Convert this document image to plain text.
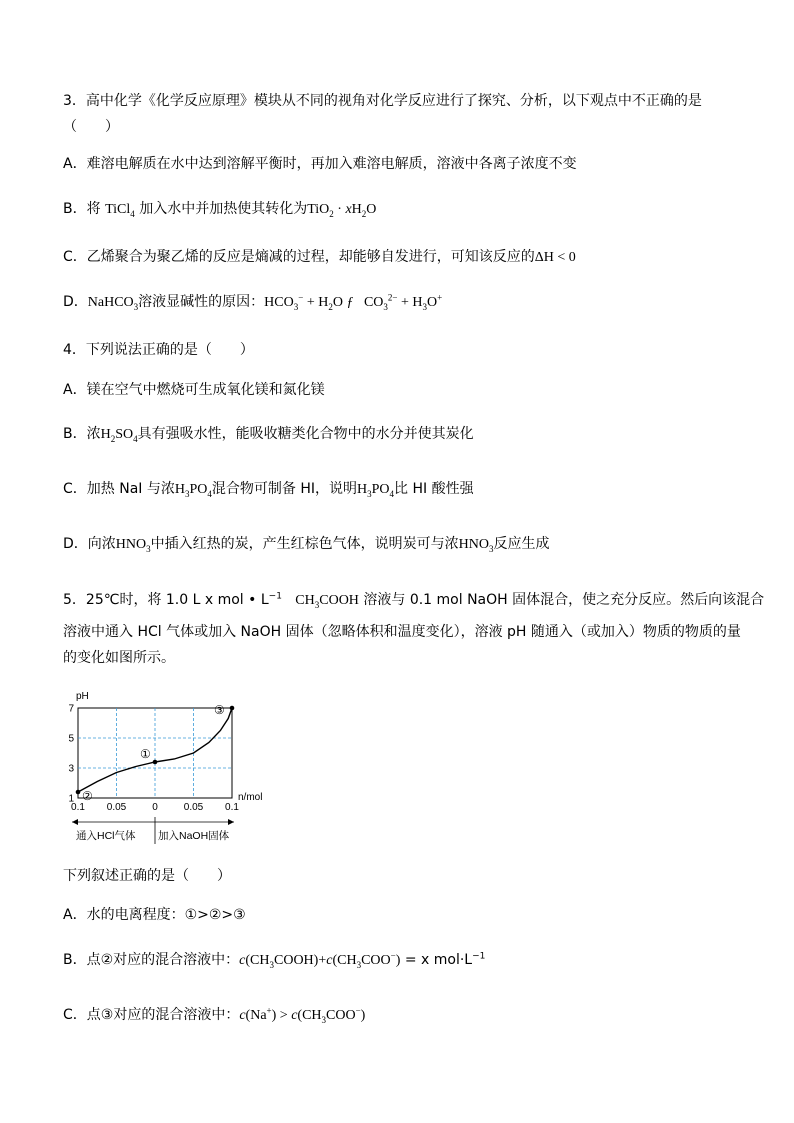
3．高中化学《化学反应原理》模块从不同的视角对化学反应进行了探究、分析，以下观点中不正确的是
（　　）
A．难溶电解质在水中达到溶解平衡时，再加入难溶电解质，溶液中各离子浓度不变
B．将 TiCl$_4$ 加入水中并加热使其转化为$TiO_2 \cdot xH_2O$
C．乙烯聚合为聚乙烯的反应是熵减的过程，却能够自发进行，可知该反应的ΔH < 0
D．NaHCO$_3$溶液显碱性的原因：$HCO_3^- + H_2O$ ƒ   $CO_3^{2-} + H_3O^+$
4．下列说法正确的是（　　）
A．镁在空气中燃烧可生成氧化镁和氮化镁
B．浓$H_2SO_4$具有强吸水性，能吸收糖类化合物中的水分并使其炭化
C．加热 NaI 与浓$H_3PO_4$混合物可制备 HI，说明$H_3PO_4$比 HI 酸性强
D．向浓$HNO_3$中插入红热的炭，产生红棕色气体，说明炭可与浓$HNO_3$反应生成
5．25℃时，将 1.0 L x mol • $L^{-1}$ $CH_3COOH$ 溶液与 0.1 mol NaOH 固体混合，使之充分反应。然后向该混合
溶液中通入 HCl 气体或加入 NaOH 固体（忽略体积和温度变化），溶液 pH 随通入（或加入）物质的物质的量
的变化如图所示。
pH
n/mol
1
3
5
7
0.1 0.05	0	0.05 0.1
①
②
③
通入HCl气体 加入NaOH固体
下列叙述正确的是（　　）
A．水的电离程度：①>②>③
B．点②对应的混合溶液中：$c(CH_3COOH)+c(CH_3COO^-) = x$ $mol\cdot L^{-1}$
C．点③对应的混合溶液中：$c(Na^+) > c(CH_3COO^-)$
